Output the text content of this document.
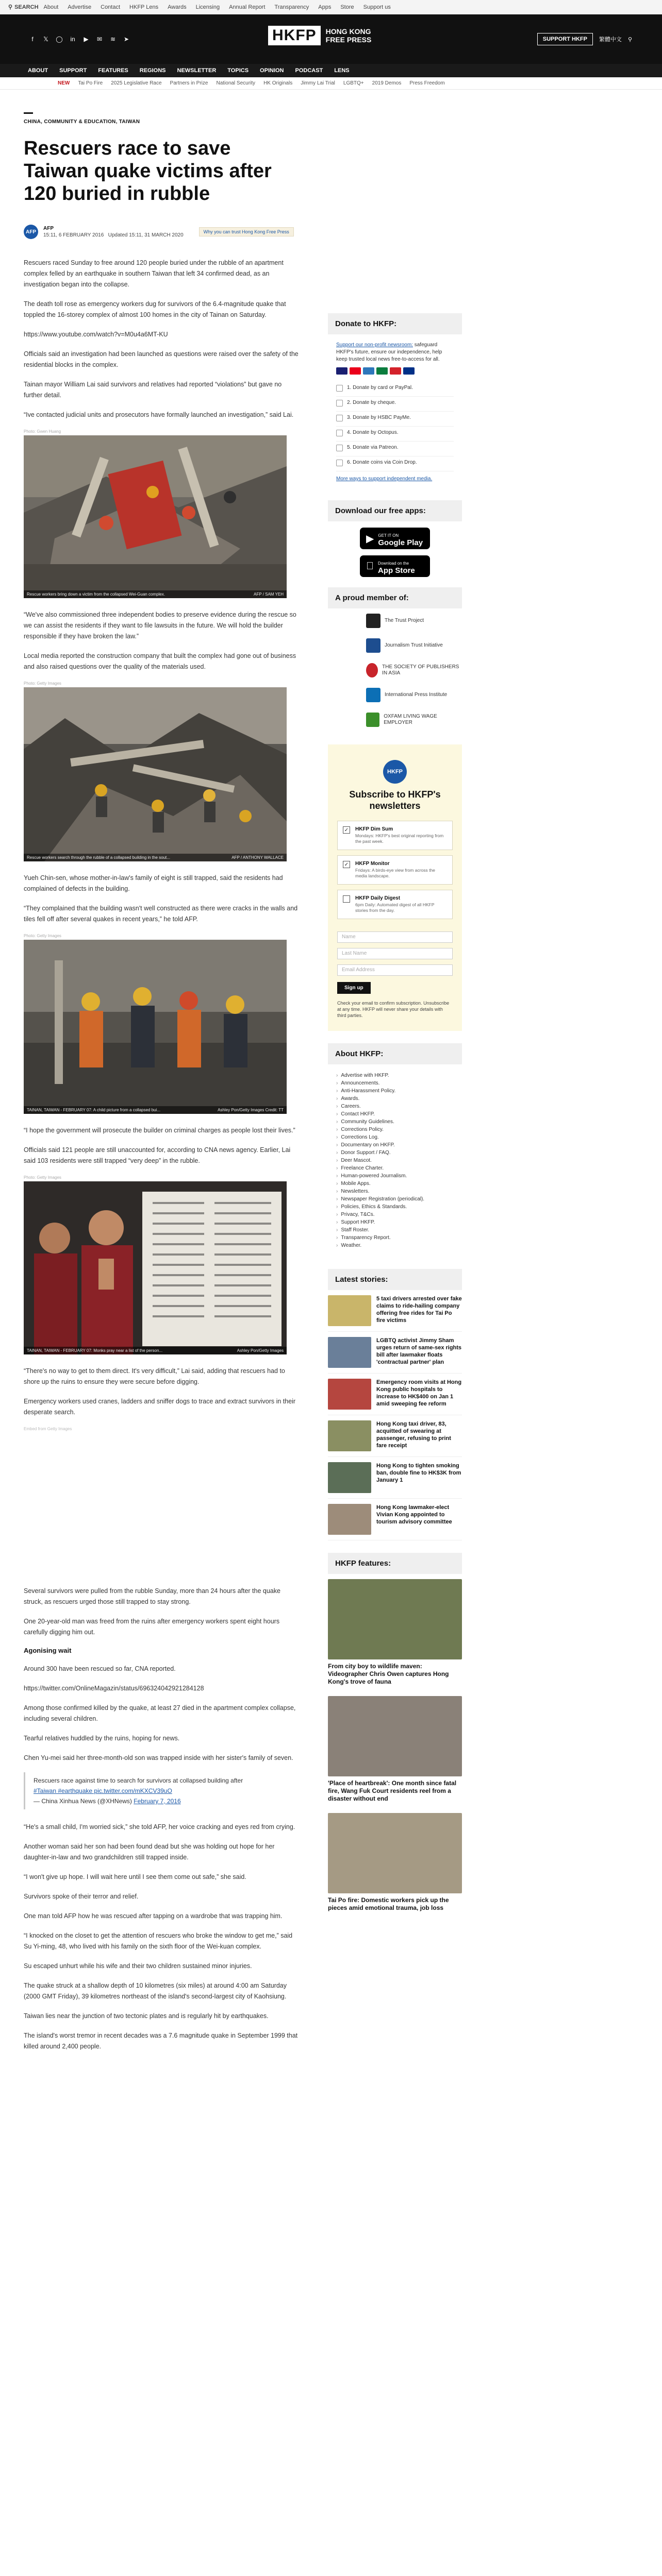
⚲ SEARCH About Advertise Contact HKFP Lens Awards Licensing Annual Report Transparency Apps Store Support us
f	𝕏	◯	in	▶	✉	≋	➤	HKFP	HONG KONG
FREE PRESS	SUPPORT HKFP	繁體中文 ⚲
ABOUT SUPPORT FEATURES REGIONS NEWSLETTER TOPICS OPINION PODCAST LENS
NEW Tai Po Fire 2025 Legislative Race Partners in Prize National Security HK Originals Jimmy Lai Trial LGBTQ+ 2019 Demos Press Freedom
CHINA, COMMUNITY & EDUCATION, TAIWAN
Rescuers race to save Taiwan quake victims after 120 buried in rubble
AFP
AFP
15:11, 6 FEBRUARY 2016 Updated 15:11, 31 MARCH 2020
Why you can trust Hong Kong Free Press

Rescuers raced Sunday to free around 120 people buried under the rubble of an apartment complex felled by an earthquake in southern Taiwan that left 34 confirmed dead, as an investigation began into the collapse.

The death toll rose as emergency workers dug for survivors of the 6.4-magnitude quake that toppled the 16-storey complex of almost 100 homes in the city of Tainan on Saturday.

https://www.youtube.com/watch?v=M0u4a6MT-KU

Officials said an investigation had been launched as questions were raised over the safety of the residential blocks in the complex.

Tainan mayor William Lai said survivors and relatives had reported “violations” but gave no further detail.

“Ive contacted judicial units and prosecutors have formally launched an investigation,” said Lai.

Photo: Gwen Huang
Rescue workers bring down a victim from the collapsed Wei-Guan complex.	AFP / SAM YEH

“We've also commissioned three independent bodies to preserve evidence during the rescue so we can assist the residents if they want to file lawsuits in the future. We will hold the builder responsible if they have broken the law.”

Local media reported the construction company that built the complex had gone out of business and also raised questions over the quality of the materials used.

Photo: Getty Images
Rescue workers search through the rubble of a collapsed building in the sout...	AFP / ANTHONY WALLACE

Yueh Chin-sen, whose mother-in-law's family of eight is still trapped, said the residents had complained of defects in the building.

“They complained that the building wasn't well constructed as there were cracks in the walls and tiles fell off after several quakes in recent years,” he told AFP.

Photo: Getty Images
TAINAN, TAIWAN - FEBRUARY 07: A child picture from a collapsed bui...	Ashley Pon/Getty Images Credit: TT

“I hope the government will prosecute the builder on criminal charges as people lost their lives.”

Officials said 121 people are still unaccounted for, according to CNA news agency. Earlier, Lai said 103 residents were still trapped “very deep” in the rubble.

Photo: Getty Images
TAINAN, TAIWAN - FEBRUARY 07: Monks pray near a list of the person...	Ashley Pon/Getty Images

“There's no way to get to them direct. It's very difficult,” Lai said, adding that rescuers had to shore up the ruins to ensure they were secure before digging.

Emergency workers used cranes, ladders and sniffer dogs to trace and extract survivors in their desperate search.

Embed from Getty Images

Several survivors were pulled from the rubble Sunday, more than 24 hours after the quake struck, as rescuers urged those still trapped to stay strong.

One 20-year-old man was freed from the ruins after emergency workers spent eight hours carefully digging him out.

Agonising wait

Around 300 have been rescued so far, CNA reported.

https://twitter.com/OnlineMagazin/status/696324042921284128

Among those confirmed killed by the quake, at least 27 died in the apartment complex collapse, including several children.

Tearful relatives huddled by the ruins, hoping for news.

Chen Yu-mei said her three-month-old son was trapped inside with her sister's family of seven.

Rescuers race against time to search for survivors at collapsed building after
#Taiwan #earthquake pic.twitter.com/mKXCV39uO
— China Xinhua News (@XHNews) February 7, 2016

“He's a small child, I'm worried sick,” she told AFP, her voice cracking and eyes red from crying.

Another woman said her son had been found dead but she was holding out hope for her daughter-in-law and two grandchildren still trapped inside.

“I won't give up hope. I will wait here until I see them come out safe,” she said.

Survivors spoke of their terror and relief.

One man told AFP how he was rescued after tapping on a wardrobe that was trapping him.

“I knocked on the closet to get the attention of rescuers who broke the window to get me,” said Su Yi-ming, 48, who lived with his family on the sixth floor of the Wei-kuan complex.

Su escaped unhurt while his wife and their two children sustained minor injuries.

The quake struck at a shallow depth of 10 kilometres (six miles) at around 4:00 am Saturday (2000 GMT Friday), 39 kilometres northeast of the island's second-largest city of Kaohsiung.

Taiwan lies near the junction of two tectonic plates and is regularly hit by earthquakes.

The island's worst tremor in recent decades was a 7.6 magnitude quake in September 1999 that killed around 2,400 people.

Donate to HKFP:
Support our non-profit newsroom: safeguard HKFP's future, ensure our independence, help keep trusted local news free-to-access for all.
1. Donate by card or PayPal.
2. Donate by cheque.
3. Donate by HSBC PayMe.
4. Donate by Octopus.
5. Donate via Patreon.
6. Donate coins via Coin Drop.
More ways to support independent media.
Download our free apps:
▶ GET IT ON
Google Play
Download on the
App Store
A proud member of:
The Trust Project
Journalism Trust Initiative
THE SOCIETY OF PUBLISHERS IN ASIA
International Press Institute
OXFAM LIVING WAGE EMPLOYER
HKFP
Subscribe to HKFP's newsletters
✓ HKFP Dim Sum
Mondays: HKFP's best original reporting from the past week.
✓ HKFP Monitor
Fridays: A birds-eye view from across the media landscape.
HKFP Daily Digest
6pm Daily: Automated digest of all HKFP stories from the day.
Name
Last Name
Email Address
Sign up
Check your email to confirm subscription. Unsubscribe at any time. HKFP will never share your details with third parties.
About HKFP:
› Advertise with HKFP.
› Announcements.
› Anti-Harassment Policy.
› Awards.
› Careers.
› Contact HKFP.
› Community Guidelines.
› Corrections Policy.
› Corrections Log.
› Documentary on HKFP.
› Donor Support / FAQ.
› Deer Mascot.
› Freelance Charter.
› Human-powered Journalism.
› Mobile Apps.
› Newsletters.
› Newspaper Registration (periodical).
› Policies, Ethics & Standards.
› Privacy, T&Cs.
› Support HKFP.
› Staff Roster.
› Transparency Report.
› Weather.
Latest stories:
5 taxi drivers arrested over fake claims to ride-hailing company offering free rides for Tai Po fire victims
LGBTQ activist Jimmy Sham urges return of same-sex rights bill after lawmaker floats 'contractual partner' plan
Emergency room visits at Hong Kong public hospitals to increase to HK$400 on Jan 1 amid sweeping fee reform
Hong Kong taxi driver, 83, acquitted of swearing at passenger, refusing to print fare receipt
Hong Kong to tighten smoking ban, double fine to HK$3K from January 1
Hong Kong lawmaker-elect Vivian Kong appointed to tourism advisory committee
HKFP features:
From city boy to wildlife maven: Videographer Chris Owen captures Hong Kong's trove of fauna
'Place of heartbreak': One month since fatal fire, Wang Fuk Court residents reel from a disaster without end
Tai Po fire: Domestic workers pick up the pieces amid emotional trauma, job loss
